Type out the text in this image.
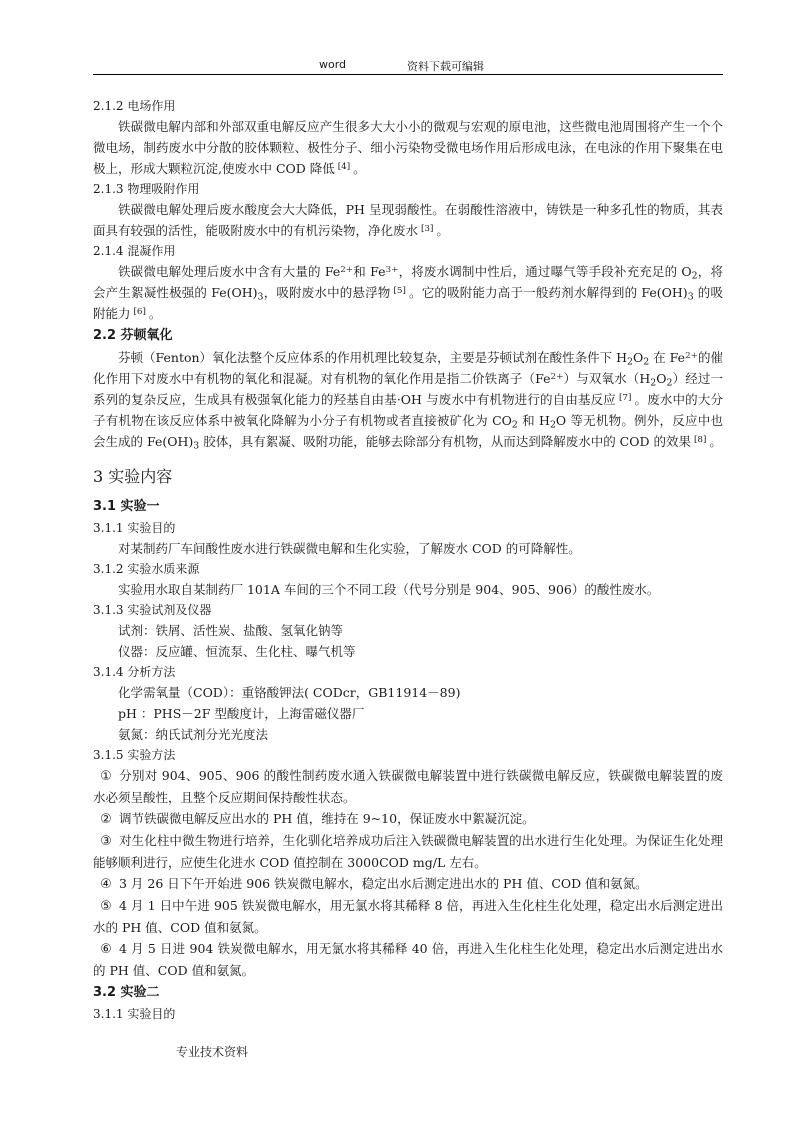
word	资料下载可编辑

2.1.2 电场作用

铁碳微电解内部和外部双重电解反应产生很多大大小小的微观与宏观的原电池，这些微电池周围将产生一个个微电场，制药废水中分散的胶体颗粒、极性分子、细小污染物受微电场作用后形成电泳，在电泳的作用下聚集在电极上，形成大颗粒沉淀,使废水中 COD 降低 [4] 。

2.1.3 物理吸附作用

铁碳微电解处理后废水酸度会大大降低，PH 呈现弱酸性。在弱酸性溶液中，铸铁是一种多孔性的物质，其表面具有较强的活性，能吸附废水中的有机污染物，净化废水 [3] 。

2.1.4 混凝作用

铁碳微电解处理后废水中含有大量的 $Fe^{2+}$和 $Fe^{3+}$，将废水调制中性后，通过曝气等手段补充充足的 $O_2$，将会产生絮凝性极强的 $Fe(OH)_3$，吸附废水中的悬浮物 [5] 。它的吸附能力高于一般药剂水解得到的 $Fe(OH)_3$ 的吸附能力 [6] 。

2.2 芬顿氧化

芬顿（Fenton）氧化法整个反应体系的作用机理比较复杂，主要是芬顿试剂在酸性条件下 $H_2O_2$ 在 $Fe^{2+}$的催化作用下对废水中有机物的氧化和混凝。对有机物的氧化作用是指二价铁离子$(Fe^{2+})$与双氧水$(H_2O_2)$经过一系列的复杂反应，生成具有极强氧化能力的羟基自由基·OH 与废水中有机物进行的自由基反应 [7] 。废水中的大分子有机物在该反应体系中被氧化降解为小分子有机物或者直接被矿化为 $CO_2$ 和 $H_2O$ 等无机物。例外，反应中也会生成的 $Fe(OH)_3$ 胶体，具有絮凝、吸附功能，能够去除部分有机物，从而达到降解废水中的 COD 的效果 [8] 。

3 实验内容

3.1 实验一

3.1.1 实验目的

对某制药厂车间酸性废水进行铁碳微电解和生化实验，了解废水 COD 的可降解性。

3.1.2 实验水质来源

实验用水取自某制药厂 101A 车间的三个不同工段（代号分别是 904、905、906）的酸性废水。

3.1.3 实验试剂及仪器

试剂：铁屑、活性炭、盐酸、氢氧化钠等

仪器：反应罐、恒流泵、生化柱、曝气机等

3.1.4 分析方法

化学需氧量（COD）：重铬酸钾法( CODcr，GB11914－89)

pH ：PHS－2F 型酸度计，上海雷磁仪器厂

氨氮：纳氏试剂分光光度法

3.1.5 实验方法

① 分别对 904、905、906 的酸性制药废水通入铁碳微电解装置中进行铁碳微电解反应，铁碳微电解装置的废水必须呈酸性，且整个反应期间保持酸性状态。

② 调节铁碳微电解反应出水的 PH 值，维持在 9~10，保证废水中絮凝沉淀。

③ 对生化柱中微生物进行培养，生化驯化培养成功后注入铁碳微电解装置的出水进行生化处理。为保证生化处理能够顺利进行，应使生化进水 COD 值控制在 3000COD mg/L 左右。

④ 3 月 26 日下午开始进 906 铁炭微电解水，稳定出水后测定进出水的 PH 值、COD 值和氨氮。

⑤ 4 月 1 日中午进 905 铁炭微电解水，用无氯水将其稀释 8 倍，再进入生化柱生化处理，稳定出水后测定进出水的 PH 值、COD 值和氨氮。

⑥ 4 月 5 日进 904 铁炭微电解水，用无氯水将其稀释 40 倍，再进入生化柱生化处理，稳定出水后测定进出水的 PH 值、COD 值和氨氮。

3.2 实验二

3.1.1 实验目的

专业技术资料
